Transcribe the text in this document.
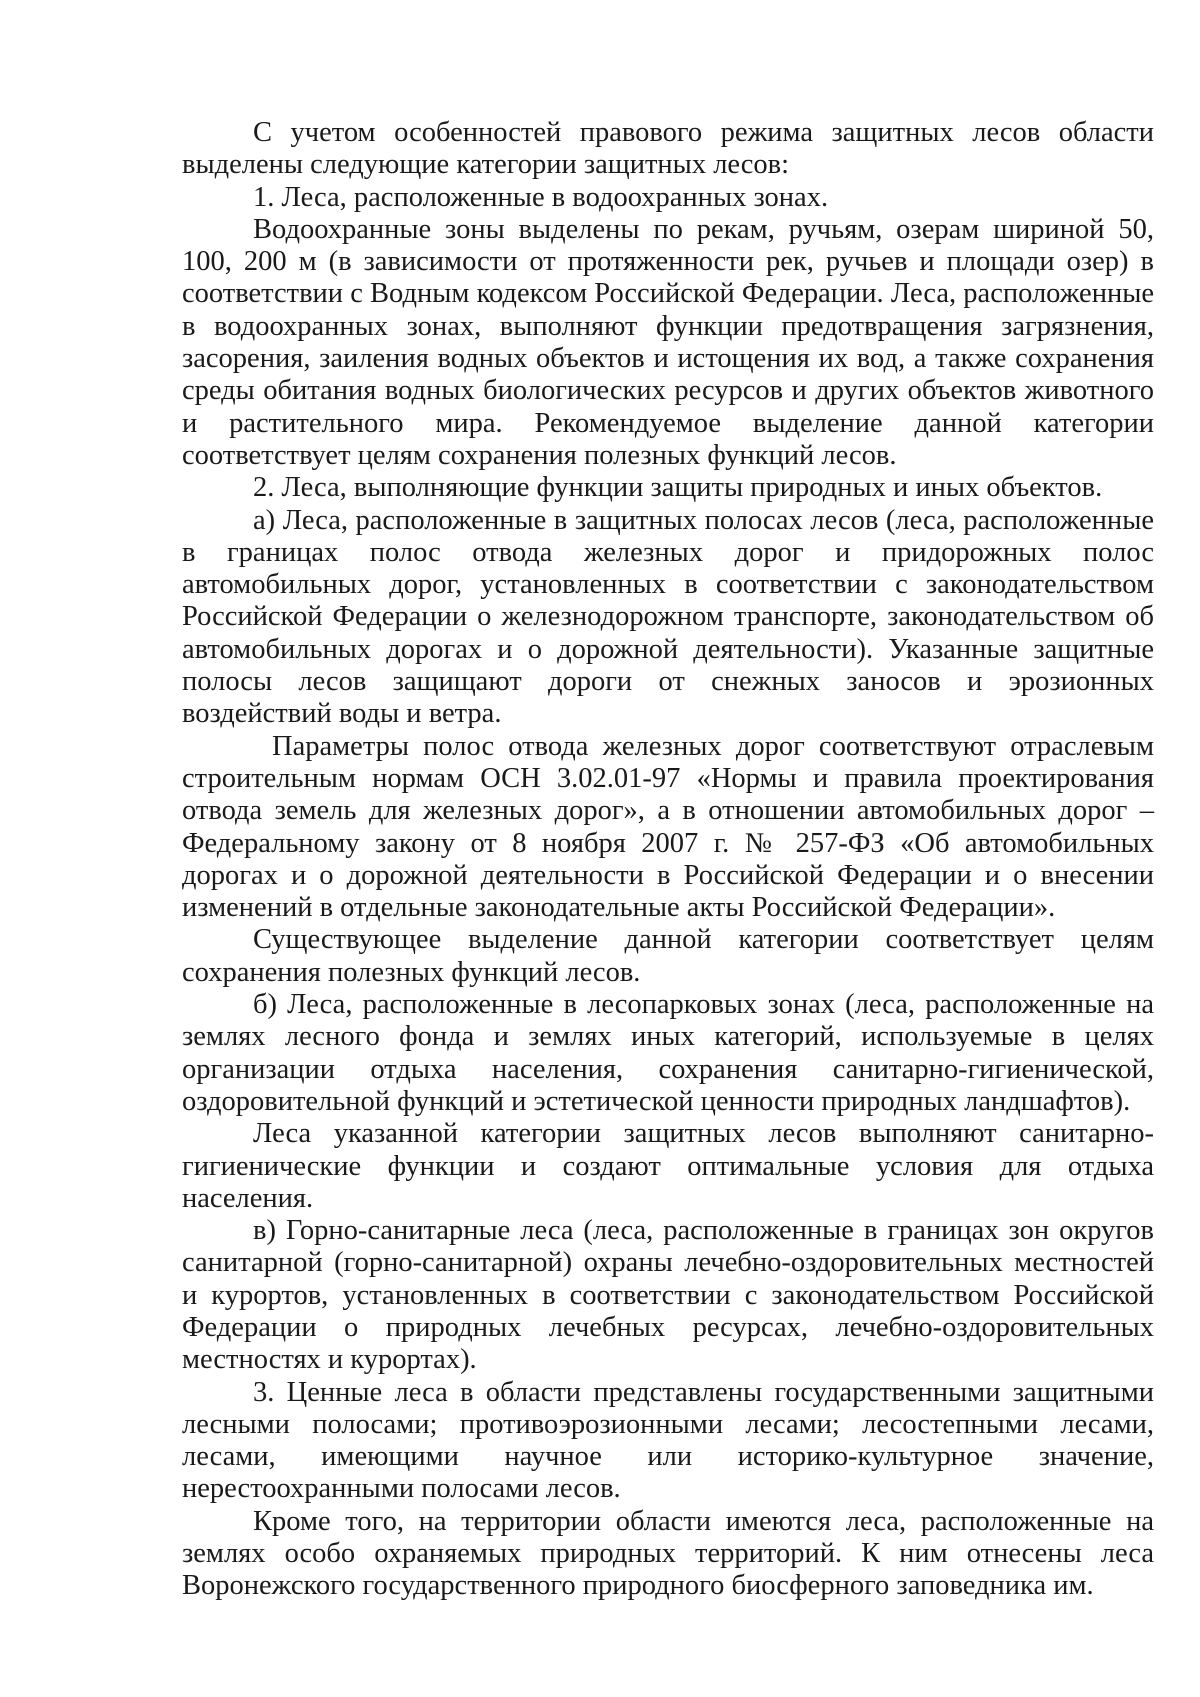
С учетом особенностей правового режима защитных лесов области выделены следующие категории защитных лесов:

1. Леса, расположенные в водоохранных зонах.

Водоохранные зоны выделены по рекам, ручьям, озерам шириной 50, 100, 200 м (в зависимости от протяженности рек, ручьев и площади озер) в соответствии с Водным кодексом Российской Федерации. Леса, расположенные в водоохранных зонах, выполняют функции предотвращения загрязнения, засорения, заиления водных объектов и истощения их вод, а также сохранения среды обитания водных биологических ресурсов и других объектов животного и растительного мира. Рекомендуемое выделение данной категории соответствует целям сохранения полезных функций лесов.

2. Леса, выполняющие функции защиты природных и иных объектов.

а) Леса, расположенные в защитных полосах лесов (леса, расположенные в границах полос отвода железных дорог и придорожных полос автомобильных дорог, установленных в соответствии с законодательством Российской Федерации о железнодорожном транспорте, законодательством об автомобильных дорогах и о дорожной деятельности). Указанные защитные полосы лесов защищают дороги от снежных заносов и эрозионных воздействий воды и ветра.

Параметры полос отвода железных дорог соответствуют отраслевым строительным нормам ОСН 3.02.01-97 «Нормы и правила проектирования отвода земель для железных дорог», а в отношении автомобильных дорог – Федеральному закону от 8 ноября 2007 г. № 257-ФЗ «Об автомобильных дорогах и о дорожной деятельности в Российской Федерации и о внесении изменений в отдельные законодательные акты Российской Федерации».

Существующее выделение данной категории соответствует целям сохранения полезных функций лесов.

б) Леса, расположенные в лесопарковых зонах (леса, расположенные на землях лесного фонда и землях иных категорий, используемые в целях организации отдыха населения, сохранения санитарно-гигиенической, оздоровительной функций и эстетической ценности природных ландшафтов).

Леса указанной категории защитных лесов выполняют санитарно-гигиенические функции и создают оптимальные условия для отдыха населения.

в) Горно-санитарные леса (леса, расположенные в границах зон округов санитарной (горно-санитарной) охраны лечебно-оздоровительных местностей и курортов, установленных в соответствии с законодательством Российской Федерации о природных лечебных ресурсах, лечебно-оздоровительных местностях и курортах).

3. Ценные леса в области представлены государственными защитными лесными полосами; противоэрозионными лесами; лесостепными лесами, лесами, имеющими научное или историко-культурное значение, нерестоохранными полосами лесов.

Кроме того, на территории области имеются леса, расположенные на землях особо охраняемых природных территорий. К ним отнесены леса Воронежского государственного природного биосферного заповедника им.
